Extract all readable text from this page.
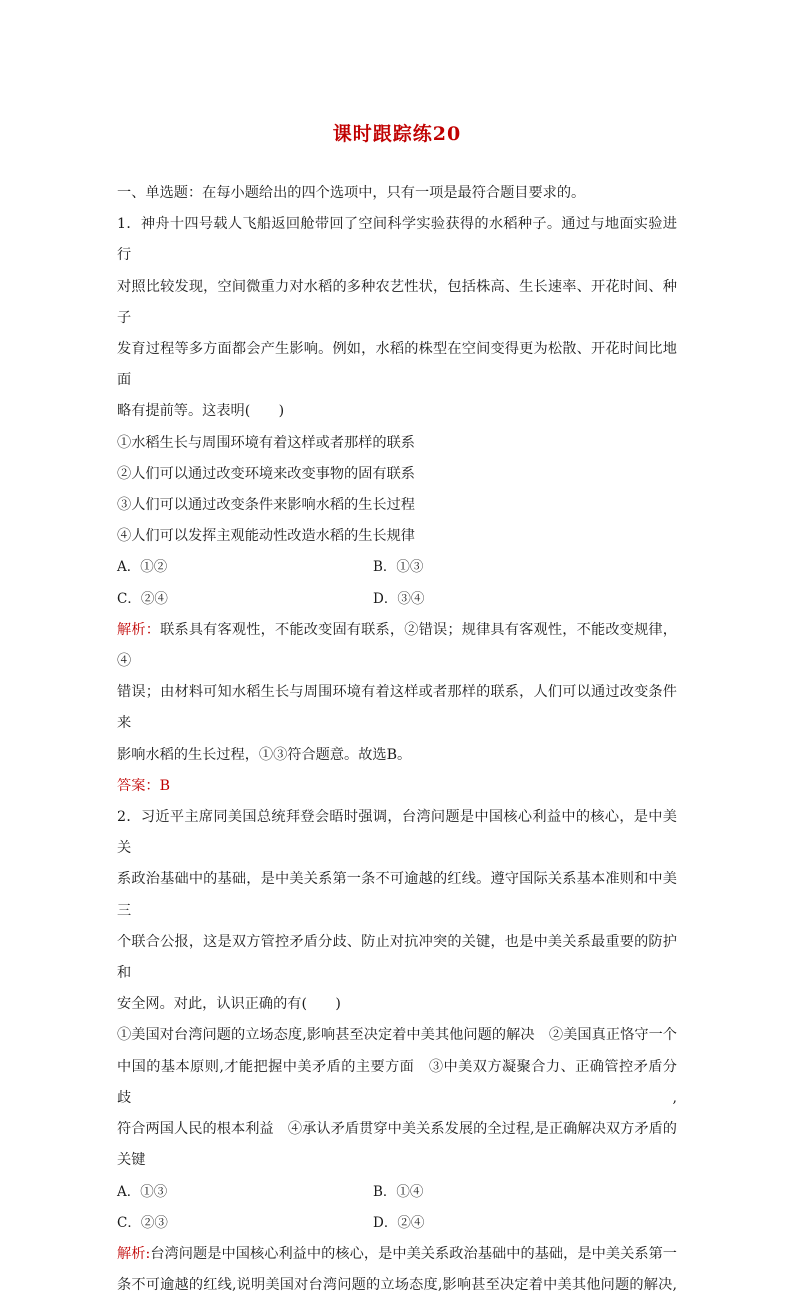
课时跟踪练20
一、单选题：在每小题给出的四个选项中，只有一项是最符合题目要求的。
1．神舟十四号载人飞船返回舱带回了空间科学实验获得的水稻种子。通过与地面实验进行
对照比较发现，空间微重力对水稻的多种农艺性状，包括株高、生长速率、开花时间、种子
发育过程等多方面都会产生影响。例如，水稻的株型在空间变得更为松散、开花时间比地面
略有提前等。这表明(　　)
①水稻生长与周围环境有着这样或者那样的联系
②人们可以通过改变环境来改变事物的固有联系
③人们可以通过改变条件来影响水稻的生长过程
④人们可以发挥主观能动性改造水稻的生长规律
A．①②	B．①③
C．②④	D．③④
解析：联系具有客观性，不能改变固有联系，②错误；规律具有客观性，不能改变规律，④
错误；由材料可知水稻生长与周围环境有着这样或者那样的联系，人们可以通过改变条件来
影响水稻的生长过程，①③符合题意。故选B。
答案：B
2．习近平主席同美国总统拜登会晤时强调，台湾问题是中国核心利益中的核心，是中美关
系政治基础中的基础，是中美关系第一条不可逾越的红线。遵守国际关系基本准则和中美三
个联合公报，这是双方管控矛盾分歧、防止对抗冲突的关键，也是中美关系最重要的防护和
安全网。对此，认识正确的有(　　)
①美国对台湾问题的立场态度,影响甚至决定着中美其他问题的解决　②美国真正恪守一个
中国的基本原则,才能把握中美矛盾的主要方面　③中美双方凝聚合力、正确管控矛盾分歧,
符合两国人民的根本利益　④承认矛盾贯穿中美关系发展的全过程,是正确解决双方矛盾的
关键
A．①③	B．①④
C．②③	D．②④
解析:台湾问题是中国核心利益中的核心，是中美关系政治基础中的基础，是中美关系第一
条不可逾越的红线,说明美国对台湾问题的立场态度,影响甚至决定着中美其他问题的解决,
